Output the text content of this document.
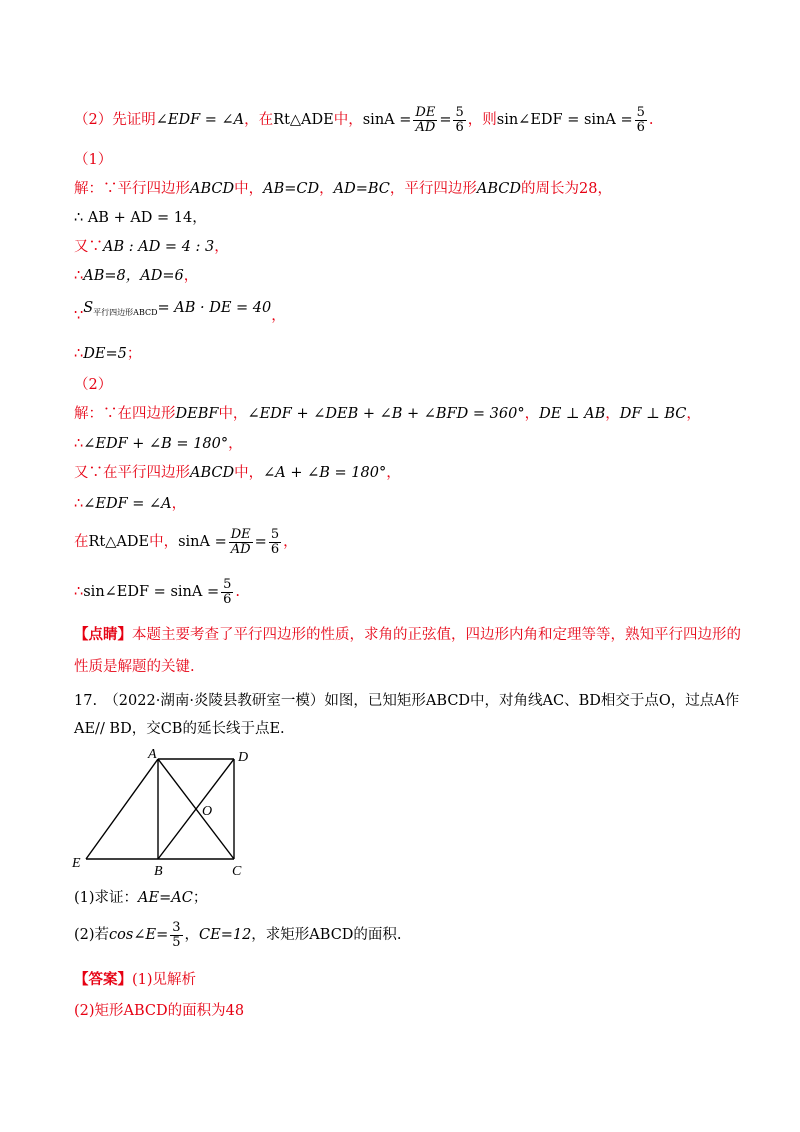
（2）先证明∠EDF = ∠A，在Rt△ADE中，$\sin A = \frac{DE}{AD} = \frac{5}{6}$ ，则sin∠EDF = $\sin A = \frac{5}{6}$ .
（1）
解：∵平行四边形ABCD中，AB=CD，AD=BC，平行四边形ABCD的周长为28，
∴ AB + AD = 14，
又∵AB : AD = 4 : 3，
∴AB=8，AD=6，
$\because S_{平行四边形ABCD}=$ AB · DE = 40，
∴DE=5；
（2）
解：∵在四边形DEBF中，∠EDF + ∠DEB + ∠B + ∠BFD = 360°，DE ⊥ AB，DF ⊥ BC，
∴∠EDF + ∠B = 180°，
又∵在平行四边形ABCD中，∠A + ∠B = 180°，
∴∠EDF = ∠A，
在Rt△ADE中，$\sin A = \frac{DE}{AD} = \frac{5}{6}$ ，
∴sin∠EDF = $\sin A = \frac{5}{6}$ .
【点睛】本题主要考查了平行四边形的性质，求角的正弦值，四边形内角和定理等等，熟知平行四边形的
性质是解题的关键.
17.　（2022·湖南·炎陵县教研室一模）如图，已知矩形ABCD中，对角线AC、BD相交于点O，过点A作
AE// BD，交CB的延长线于点E.
A	D
O
E
B	C
(1)求证：AE=AC；
(2)若cos∠E= $\frac{3}{5}$ ，CE=12，求矩形ABCD的面积.
【答案】(1)见解析
(2)矩形ABCD的面积为48
